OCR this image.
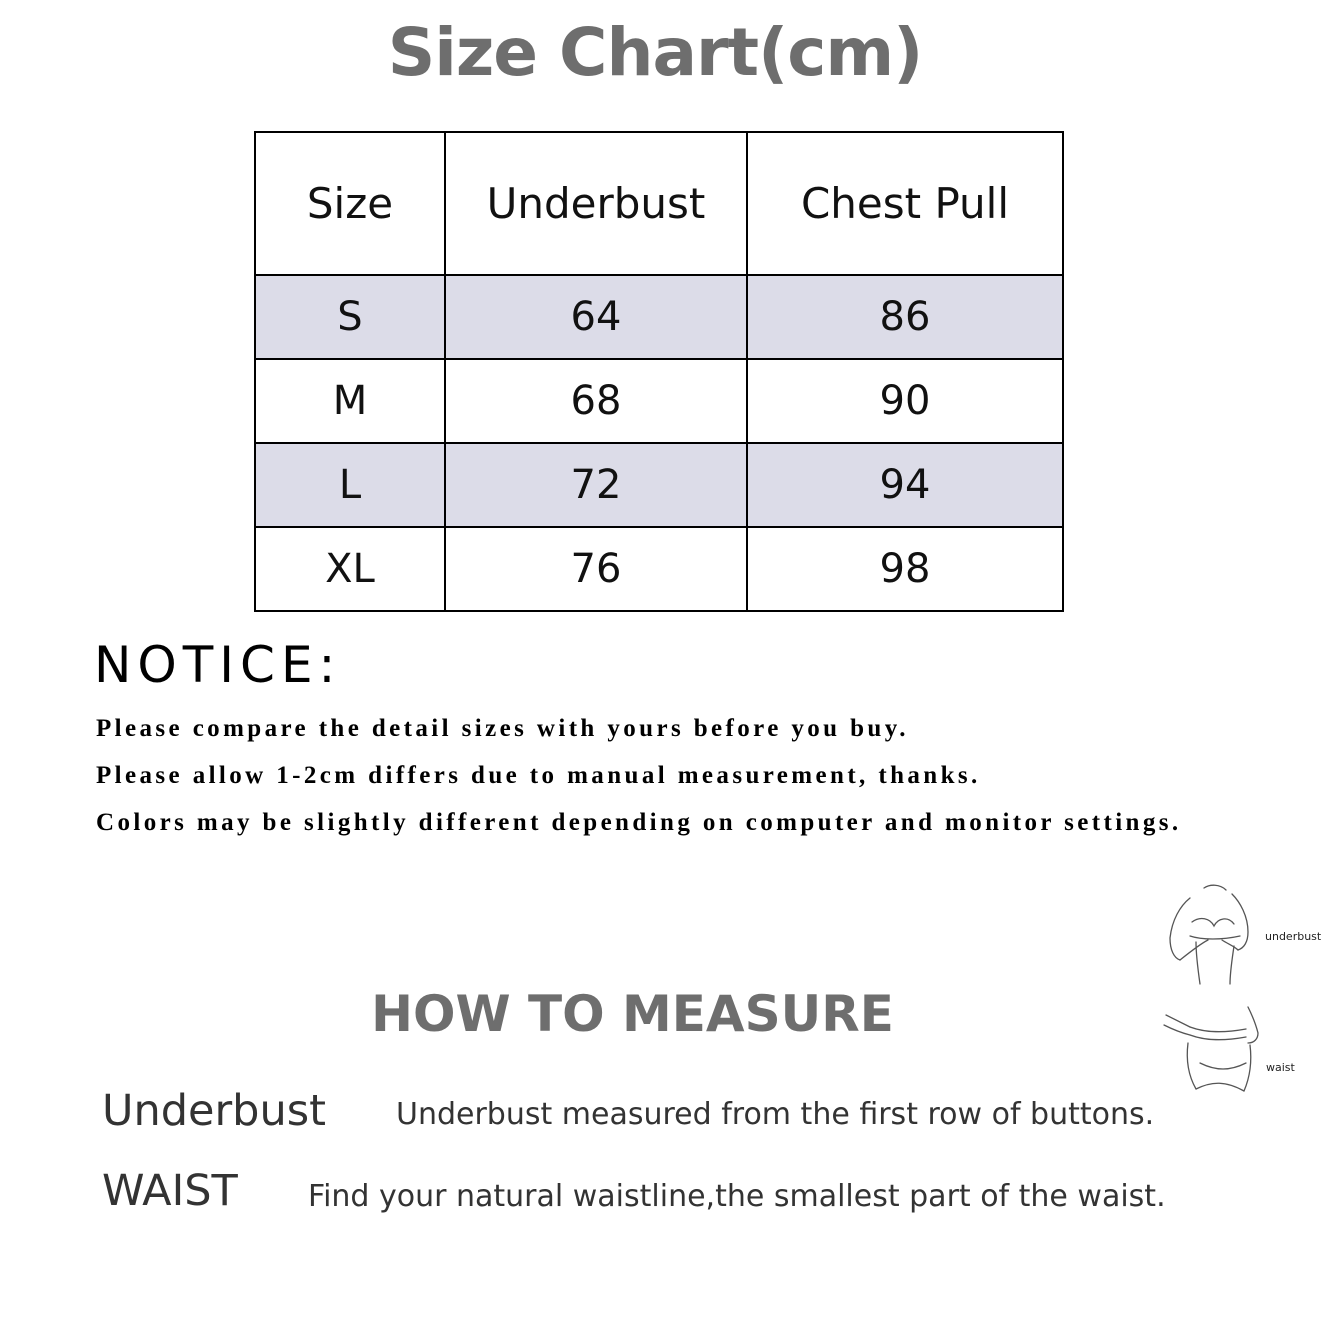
Size Chart(cm)
Size	Underbust	Chest Pull
S	64	86
M	68	90
L	72	94
XL	76	98
NOTICE:
Please compare the detail sizes with yours before you buy.
Please allow 1-2cm differs due to manual measurement, thanks.
Colors may be slightly different depending on computer and monitor settings.
underbust
waist
HOW TO MEASURE
Underbust Underbust measured from the first row of buttons.
WAIST Find your natural waistline,the smallest part of the waist.
